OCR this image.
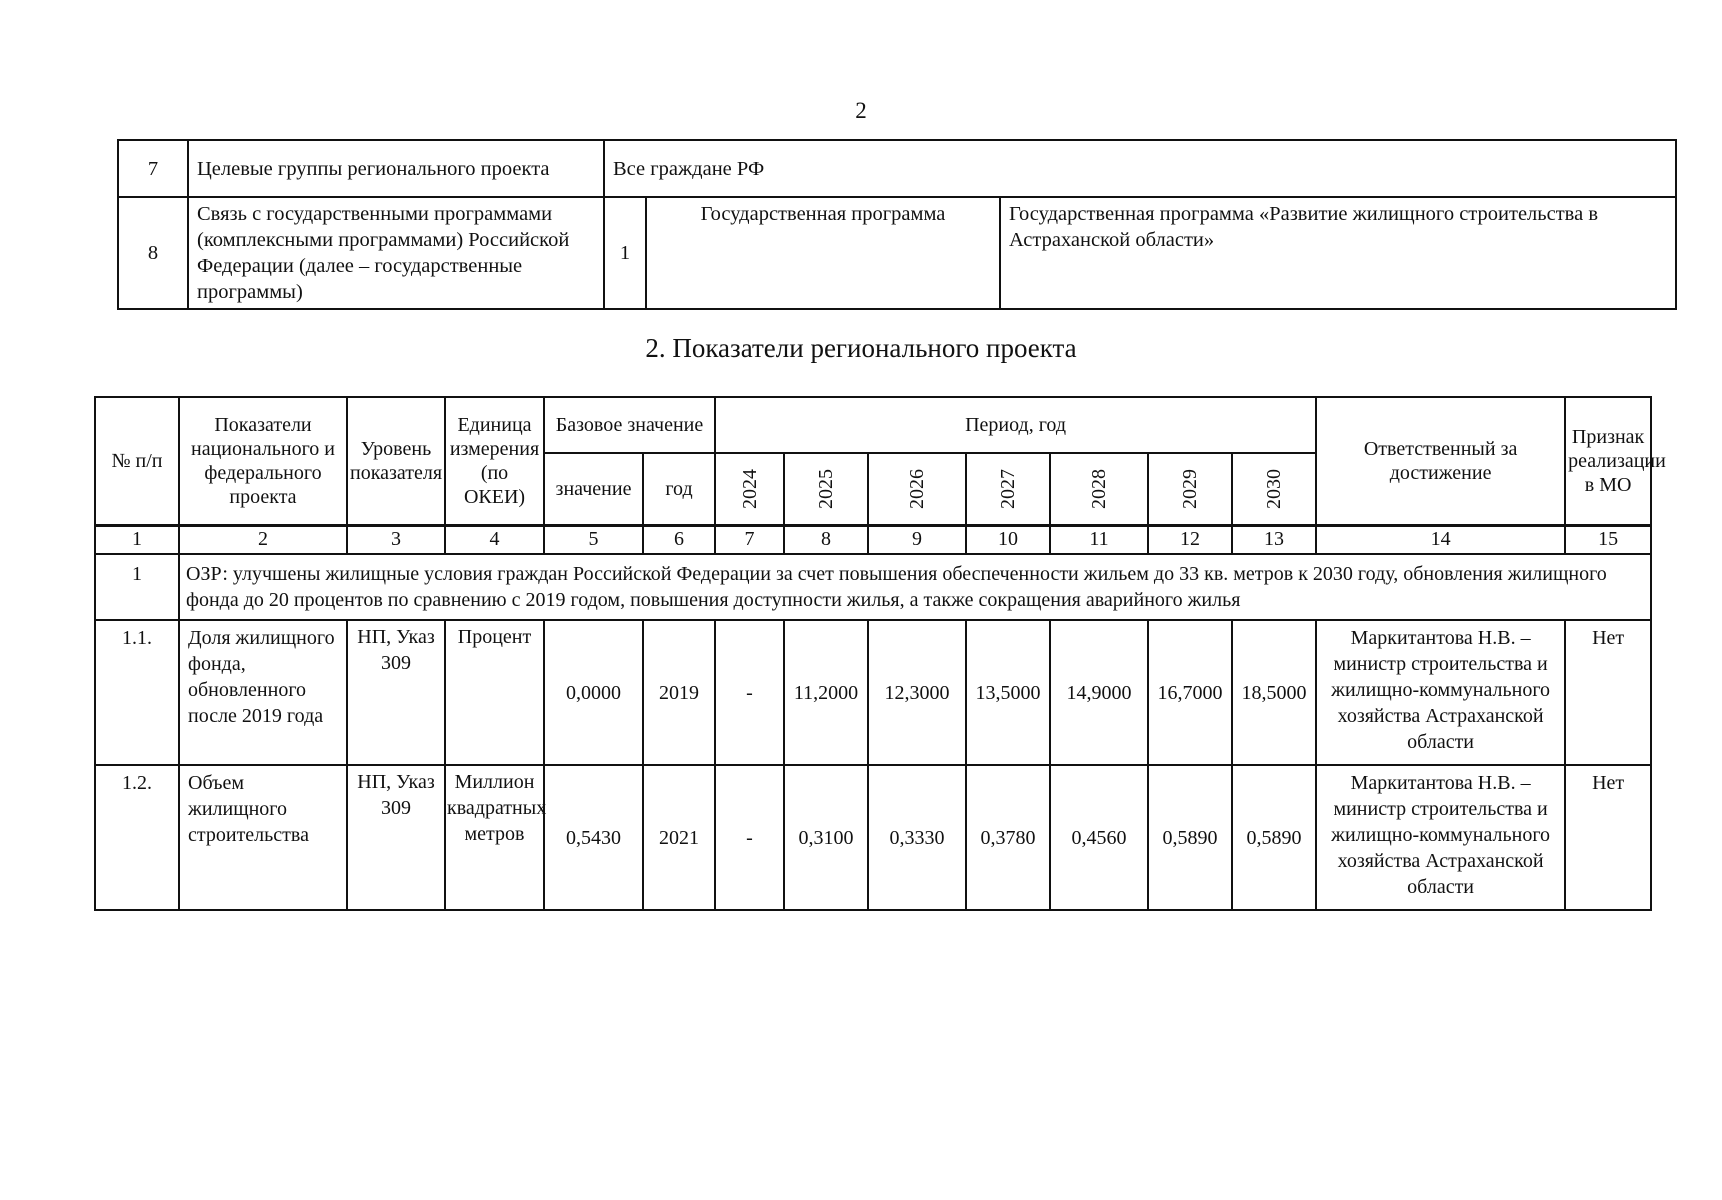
2
7	Целевые группы регионального проекта	Все граждане РФ		
8	Связь с государственными программами (комплексными программами) Российской Федерации (далее – государственные программы)	1	Государственная программа	Государственная программа «Развитие жилищного строительства в Астраханской области»
2. Показатели регионального проекта
№ п/п	Показатели национального и федерального проекта	Уровень показателя	Единица измерения (по ОКЕИ)	Базовое значение		Период, год							Ответственный за достижение	Признак реализации в МО
				значение	год	2024	2025	2026	2027	2028	2029	2030		
1	2	3	4	5	6	7	8	9	10	11	12	13	14	15
1	ОЗР: улучшены жилищные условия граждан Российской Федерации за счет повышения обеспеченности жильем до 33 кв. метров к 2030 году, обновления жилищного фонда до 20 процентов по сравнению с 2019 годом, повышения доступности жилья, а также сокращения аварийного жилья													
1.1.	Доля жилищного фонда, обновленного после 2019 года	НП, Указ 309	Процент	0,0000	2019	-	11,2000	12,3000	13,5000	14,9000	16,7000	18,5000	Маркитантова Н.В. – министр строительства и жилищно-коммунального хозяйства Астраханской области	Нет
1.2.	Объем жилищного строительства	НП, Указ 309	Миллион квадратных метров	0,5430	2021	-	0,3100	0,3330	0,3780	0,4560	0,5890	0,5890	Маркитантова Н.В. – министр строительства и жилищно-коммунального хозяйства Астраханской области	Нет
